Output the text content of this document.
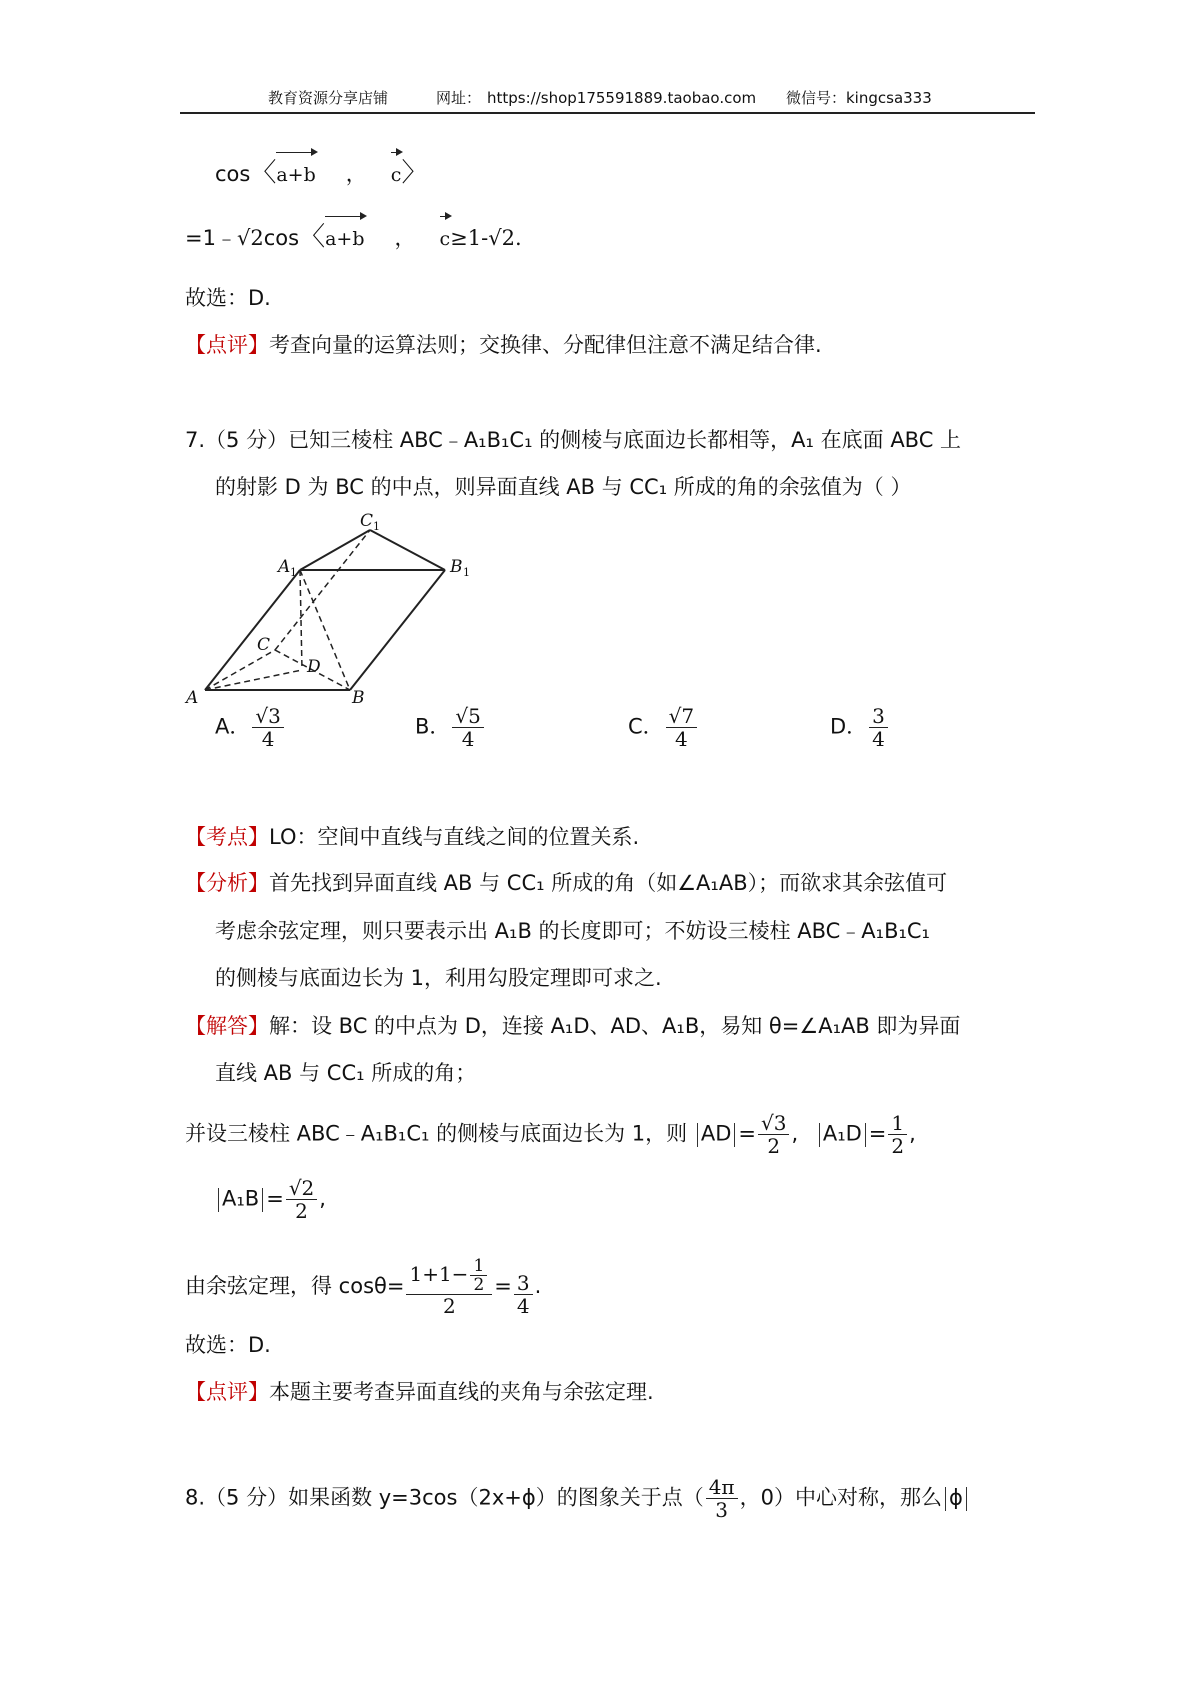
教育资源分享店铺	网址： https://shop175591889.taobao.com 微信号：kingcsa333
cos〈
a+b ， c〉
=1﹣√2cos〈
a+b ， c≥1-√2.
故选：D.
【点评】考查向量的运算法则；交换律、分配律但注意不满足结合律.
7.（5 分）已知三棱柱 ABC﹣A₁B₁C₁ 的侧棱与底面边长都相等，A₁ 在底面 ABC 上
的射影 D 为 BC 的中点，则异面直线 AB 与 CC₁ 所成的角的余弦值为（ ）
A	B
C
D
A	B
C
1	1
1
A． $\frac{√3}{4}$	B． $\frac{√5}{4}$	C． $\frac{√7}{4}$	D． $\frac{3}{4}$
【考点】LO：空间中直线与直线之间的位置关系.
【分析】首先找到异面直线 AB 与 CC₁ 所成的角（如∠A₁AB）；而欲求其余弦值可
考虑余弦定理，则只要表示出 A₁B 的长度即可；不妨设三棱柱 ABC﹣A₁B₁C₁
的侧棱与底面边长为 1，利用勾股定理即可求之.
【解答】解：设 BC 的中点为 D，连接 A₁D、AD、A₁B，易知 θ=∠A₁AB 即为异面
直线 AB 与 CC₁ 所成的角；
并设三棱柱 ABC﹣A₁B₁C₁ 的侧棱与底面边长为 1，则 AD = $\frac{√3}{2}$ , $A_1D = \frac{1}{2}$ ,
$A_1B = \frac{√2}{2}$ ,
由余弦定理，得 $\cos\theta= \frac{1+1- \frac{1}{2}}{2} = \frac{3}{4}$ .
故选：D.
【点评】本题主要考查异面直线的夹角与余弦定理.
8.（5 分）如果函数 y=3cos（2x+ϕ）的图象关于点（ $\frac{4\pi}{3}$ ，0）中心对称，那么 ϕ
